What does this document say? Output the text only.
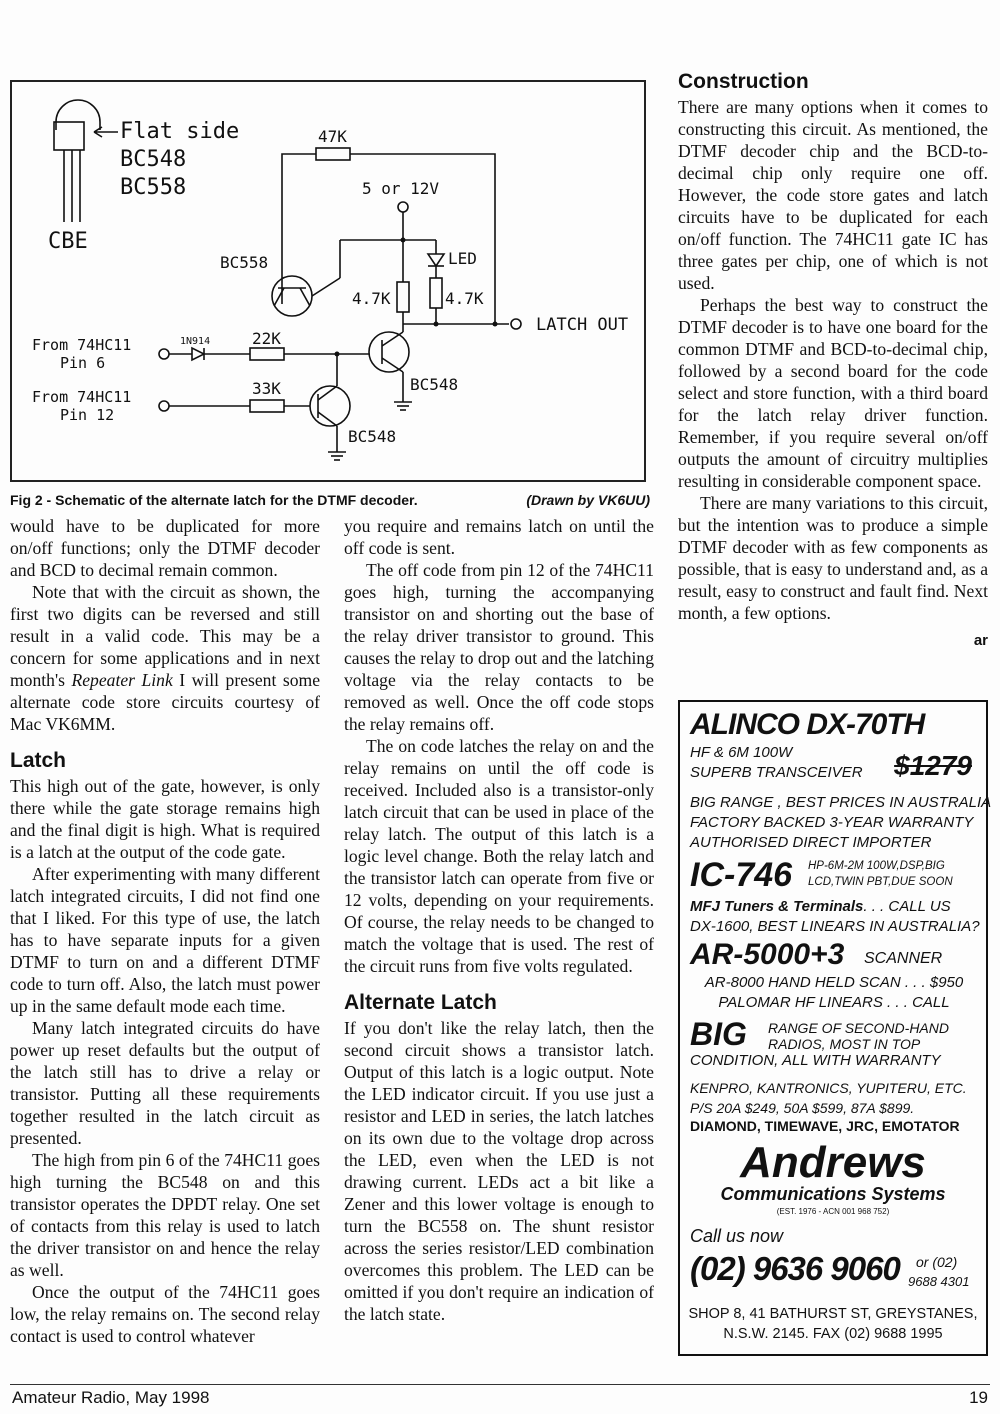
Flat side
BC548
BC558
CBE
47K
5 or 12V
BC558	LED
4.7K	4.7K
LATCH OUT
From 74HC11
Pin 6
From 74HC11
Pin 12
1N914	22K
33K	BC548
BC548
Fig 2 - Schematic of the alternate latch for the DTMF decoder.	(Drawn by VK6UU)

would have to be duplicated for more on/off functions; only the DTMF decoder and BCD to decimal remain common.

Note that with the circuit as shown, the first two digits can be reversed and still result in a valid code. This may be a concern for some applications and in next month's Repeater Link I will present some alternate code store circuits courtesy of Mac VK6MM.

Latch

This high out of the gate, however, is only there while the gate storage remains high and the final digit is high. What is required is a latch at the output of the code gate.

After experimenting with many different latch integrated circuits, I did not find one that I liked. For this type of use, the latch has to have separate inputs for a given DTMF to turn on and a different DTMF code to turn off. Also, the latch must power up in the same default mode each time.

Many latch integrated circuits do have power up reset defaults but the output of the latch still has to drive a relay or transistor. Putting all these requirements together resulted in the latch circuit as presented.

The high from pin 6 of the 74HC11 goes high turning the BC548 on and this transistor operates the DPDT relay. One set of contacts from this relay is used to latch the driver transistor on and hence the relay as well.

Once the output of the 74HC11 goes low, the relay remains on. The second relay contact is used to control whatever

you require and remains latch on until the off code is sent.

The off code from pin 12 of the 74HC11 goes high, turning the accompanying transistor on and shorting out the base of the relay driver transistor to ground. This causes the relay to drop out and the latching voltage via the relay contacts to be removed as well. Once the off code stops the relay remains off.

The on code latches the relay on and the relay remains on until the off code is received. Included also is a transistor-only latch circuit that can be used in place of the relay latch. The output of this latch is a logic level change. Both the relay latch and the transistor latch can operate from five or 12 volts, depending on your requirements. Of course, the relay needs to be changed to match the voltage that is used. The rest of the circuit runs from five volts regulated.

Alternate Latch

If you don't like the relay latch, then the second circuit shows a transistor latch. Output of this latch is a logic output. Note the LED indicator circuit. If you use just a resistor and LED in series, the latch latches on its own due to the voltage drop across the LED, even when the LED is not drawing current. LEDs act a bit like a Zener and this lower voltage is enough to turn the BC558 on. The shunt resistor across the series resistor/LED combination overcomes this problem. The LED can be omitted if you don't require an indication of the latch state.

Construction

There are many options when it comes to constructing this circuit. As mentioned, the DTMF decoder chip and the BCD-to-decimal chip only require one off. However, the code store gates and latch circuits have to be duplicated for each on/off function. The 74HC11 gate IC has three gates per chip, one of which is not used.

Perhaps the best way to construct the DTMF decoder is to have one board for the common DTMF and BCD-to-decimal chip, followed by a second board for the code select and store function, with a third board for the latch relay driver function. Remember, if you require several on/off outputs the amount of circuitry multiplies resulting in considerable component space.

There are many variations to this circuit, but the intention was to produce a simple DTMF decoder with as few components as possible, that is easy to understand and, as a result, easy to construct and fault find. Next month, a few options.

ar
ALINCO DX-70TH
HF & 6M 100W
SUPERB TRANSCEIVER	$1279
BIG RANGE , BEST PRICES IN AUSTRALIA
FACTORY BACKED 3-YEAR WARRANTY
AUTHORISED DIRECT IMPORTER
IC-746	HP-6M-2M 100W,DSP,BIG
LCD,TWIN PBT,DUE SOON
MFJ Tuners & Terminals. . . CALL US
DX-1600, BEST LINEARS IN AUSTRALIA?
AR-5000+3	SCANNER
AR-8000 HAND HELD SCAN . . . $950
PALOMAR HF LINEARS . . . CALL
BIG	RANGE OF SECOND-HAND
RADIOS, MOST IN TOP
CONDITION, ALL WITH WARRANTY
KENPRO, KANTRONICS, YUPITERU, ETC.
P/S 20A $249, 50A $599, 87A $899.
DIAMOND, TIMEWAVE, JRC, EMOTATOR
Andrews
Communications Systems
(EST. 1976 - ACN 001 968 752)
Call us now
(02) 9636 9060	or (02)
9688 4301
SHOP 8, 41 BATHURST ST, GREYSTANES,
N.S.W. 2145. FAX (02) 9688 1995
Amateur Radio, May 1998	19
